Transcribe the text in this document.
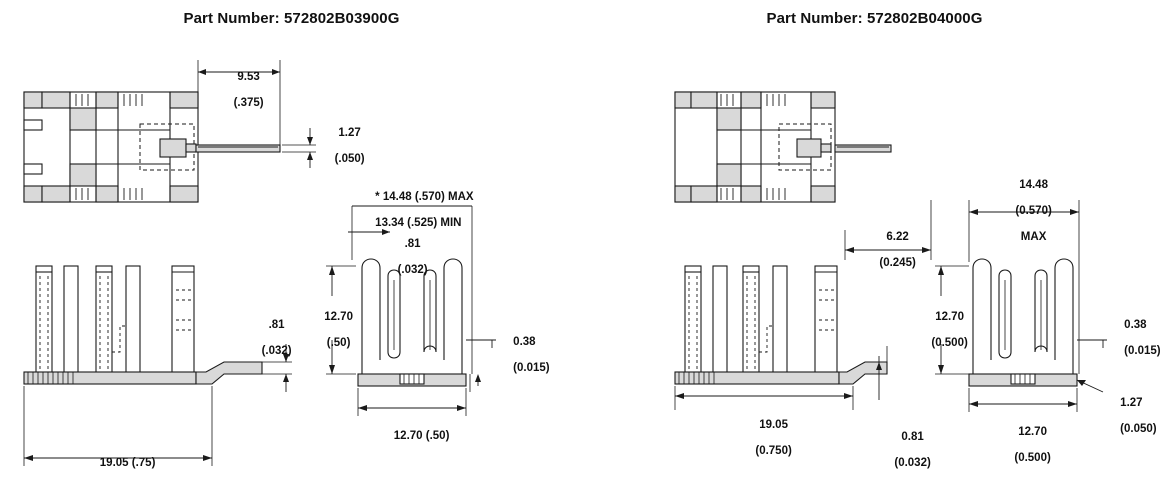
Part Number: 572802B03900G

9.53

(.375)

1.27

(.050)

* 14.48 (.570) MAX

13.34 (.525) MIN

.81

(.032)

12.70

(.50)
	0.38

(0.015)

.81

(.032)

12.70 (.50)

19.05 (.75)

Part Number: 572802B04000G

6.22

(0.245)

14.48

(0.570)

MAX

12.70

(0.500)

0.38

(0.015)

19.05

(0.750)

0.81

(0.032)

12.70

(0.500)

1.27

(0.050)
